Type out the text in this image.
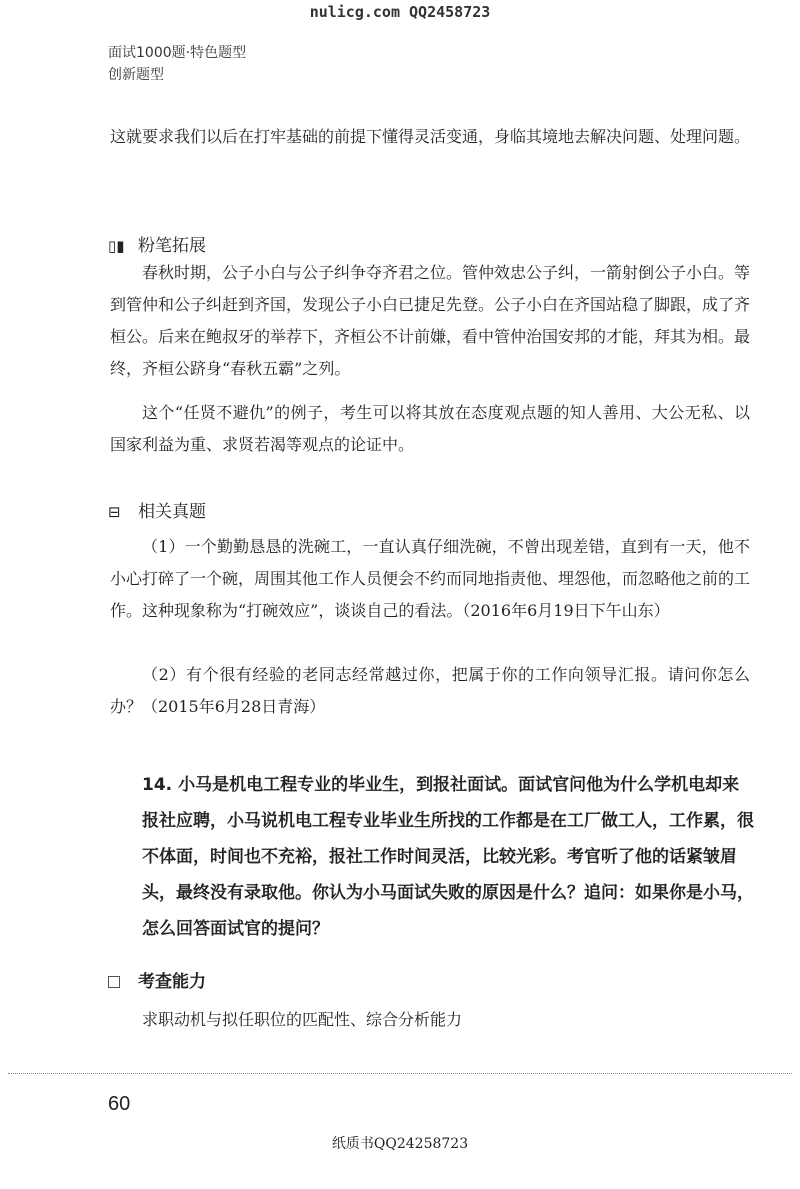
nulicg.com QQ2458723
面试1000题·特色题型
创新题型
这就要求我们以后在打牢基础的前提下懂得灵活变通，身临其境地去解决问题、处理问题。
▯▮ 粉笔拓展
春秋时期，公子小白与公子纠争夺齐君之位。管仲效忠公子纠，一箭射倒公子小白。等到管仲和公子纠赶到齐国，发现公子小白已捷足先登。公子小白在齐国站稳了脚跟，成了齐桓公。后来在鲍叔牙的举荐下，齐桓公不计前嫌，看中管仲治国安邦的才能，拜其为相。最终，齐桓公跻身“春秋五霸”之列。
这个“任贤不避仇”的例子，考生可以将其放在态度观点题的知人善用、大公无私、以国家利益为重、求贤若渴等观点的论证中。
⊟ 相关真题
（1）一个勤勤恳恳的洗碗工，一直认真仔细洗碗，不曾出现差错，直到有一天，他不小心打碎了一个碗，周围其他工作人员便会不约而同地指责他、埋怨他，而忽略他之前的工作。这种现象称为“打碗效应”，谈谈自己的看法。（2016年6月19日下午山东）
（2）有个很有经验的老同志经常越过你，把属于你的工作向领导汇报。请问你怎么办？（2015年6月28日青海）
14. 小马是机电工程专业的毕业生，到报社面试。面试官问他为什么学机电却来报社应聘，小马说机电工程专业毕业生所找的工作都是在工厂做工人，工作累，很不体面，时间也不充裕，报社工作时间灵活，比较光彩。考官听了他的话紧皱眉头，最终没有录取他。你认为小马面试失败的原因是什么？追问：如果你是小马，怎么回答面试官的提问？
考查能力
求职动机与拟任职位的匹配性、综合分析能力
60
纸质书QQ24258723
